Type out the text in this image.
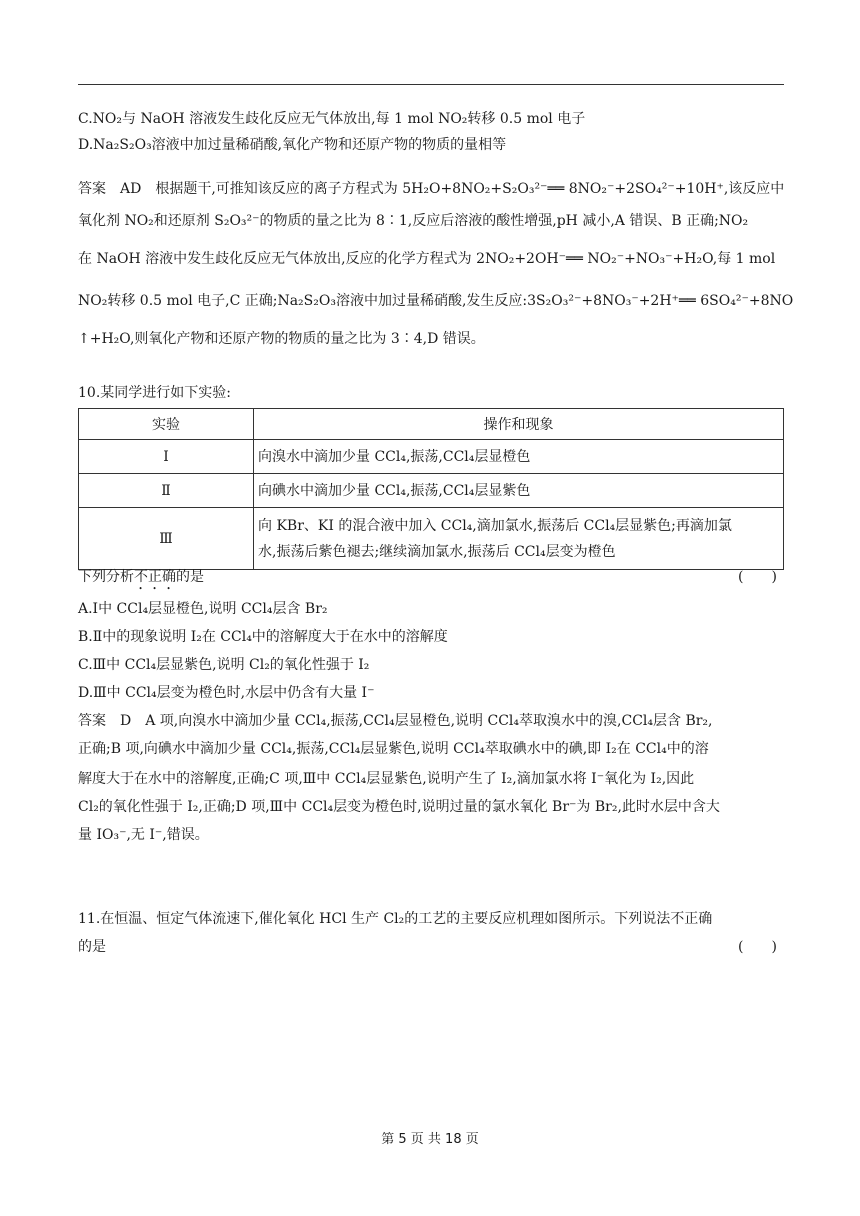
C.NO₂与 NaOH 溶液发生歧化反应无气体放出,每 1 mol NO₂转移 0.5 mol 电子
D.Na₂S₂O₃溶液中加过量稀硝酸,氧化产物和还原产物的物质的量相等
答案　AD　根据题干,可推知该反应的离子方程式为 5H₂O+8NO₂+S₂O₃²⁻══ 8NO₂⁻+2SO₄²⁻+10H⁺,该反应中
氧化剂 NO₂和还原剂 S₂O₃²⁻的物质的量之比为 8∶1,反应后溶液的酸性增强,pH 减小,A 错误、B 正确;NO₂
在 NaOH 溶液中发生歧化反应无气体放出,反应的化学方程式为 2NO₂+2OH⁻══ NO₂⁻+NO₃⁻+H₂O,每 1 mol
NO₂转移 0.5 mol 电子,C 正确;Na₂S₂O₃溶液中加过量稀硝酸,发生反应:3S₂O₃²⁻+8NO₃⁻+2H⁺══ 6SO₄²⁻+8NO
↑+H₂O,则氧化产物和还原产物的物质的量之比为 3∶4,D 错误。
10.某同学进行如下实验:
实验	操作和现象
Ⅰ	向溴水中滴加少量 CCl₄,振荡,CCl₄层显橙色
Ⅱ	向碘水中滴加少量 CCl₄,振荡,CCl₄层显紫色
Ⅲ	向 KBr、KI 的混合液中加入 CCl₄,滴加氯水,振荡后 CCl₄层显紫色;再滴加氯
水,振荡后紫色褪去;继续滴加氯水,振荡后 CCl₄层变为橙色
下列分析不正确的是	(　　)
A.Ⅰ中 CCl₄层显橙色,说明 CCl₄层含 Br₂
B.Ⅱ中的现象说明 I₂在 CCl₄中的溶解度大于在水中的溶解度
C.Ⅲ中 CCl₄层显紫色,说明 Cl₂的氧化性强于 I₂
D.Ⅲ中 CCl₄层变为橙色时,水层中仍含有大量 I⁻
答案　D　A 项,向溴水中滴加少量 CCl₄,振荡,CCl₄层显橙色,说明 CCl₄萃取溴水中的溴,CCl₄层含 Br₂,
正确;B 项,向碘水中滴加少量 CCl₄,振荡,CCl₄层显紫色,说明 CCl₄萃取碘水中的碘,即 I₂在 CCl₄中的溶
解度大于在水中的溶解度,正确;C 项,Ⅲ中 CCl₄层显紫色,说明产生了 I₂,滴加氯水将 I⁻氧化为 I₂,因此
Cl₂的氧化性强于 I₂,正确;D 项,Ⅲ中 CCl₄层变为橙色时,说明过量的氯水氧化 Br⁻为 Br₂,此时水层中含大
量 IO₃⁻,无 I⁻,错误。
11.在恒温、恒定气体流速下,催化氧化 HCl 生产 Cl₂的工艺的主要反应机理如图所示。下列说法不正确
的是	(　　)
第 5 页 共 18 页
